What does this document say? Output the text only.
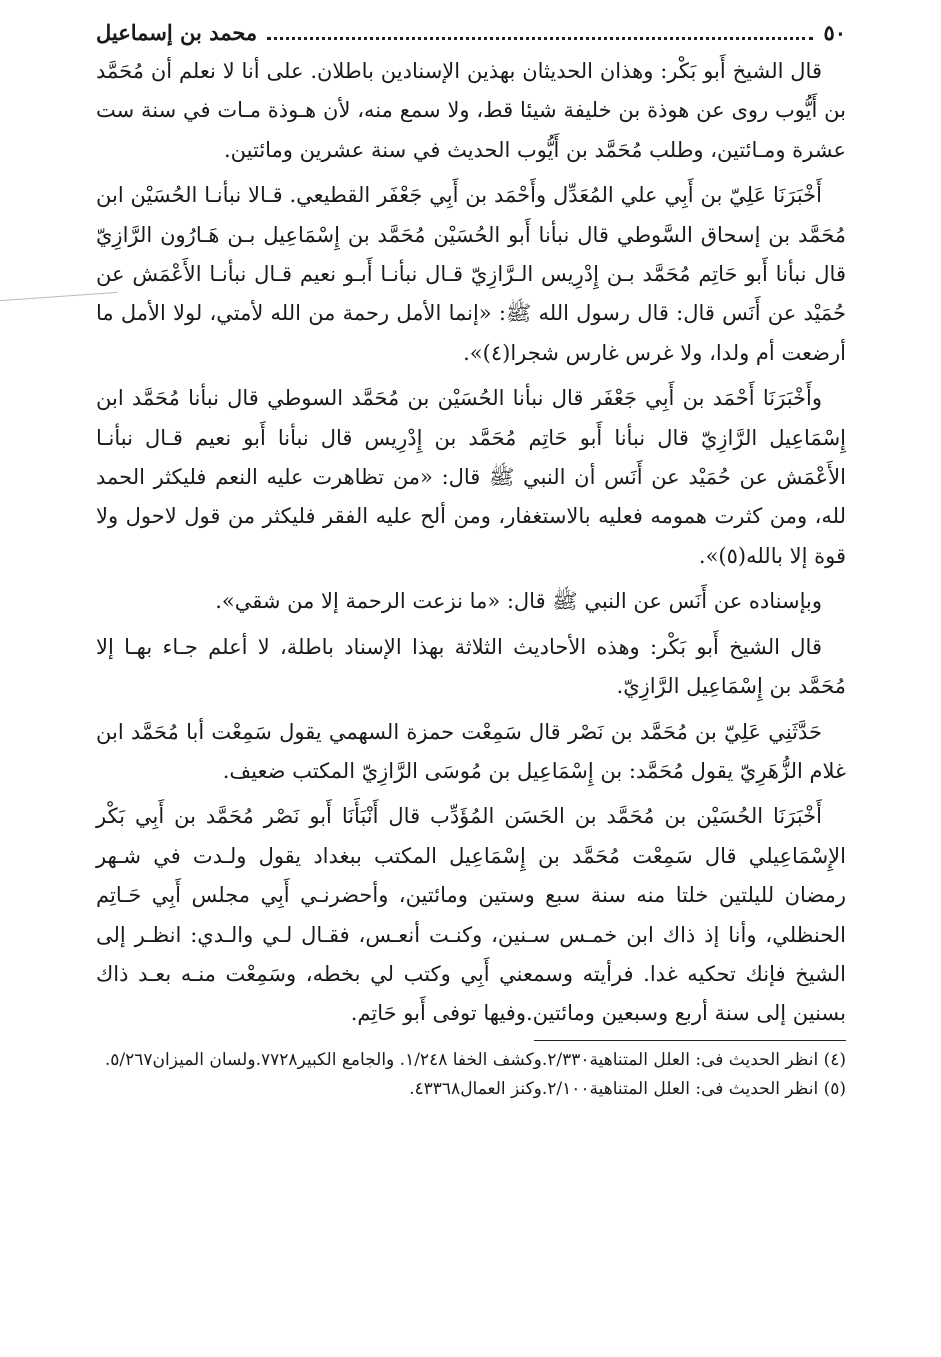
٥٠
محمد بن إسماعيل

قال الشيخ أَبو بَكْر: وهذان الحديثان بهذين الإسنادين باطلان. على أنا لا نعلم أن مُحَمَّد بن أَيُّوب روى عن هوذة بن خليفة شيئا قط، ولا سمع منه، لأن هـوذة مـات في سنة ست عشرة ومـائتين، وطلب مُحَمَّد بن أَيُّوب الحديث في سنة عشرين ومائتين.

أَخْبَرَنَا عَلِيّ بن أَبِي علي المُعَدِّل وأَحْمَد بن أَبِي جَعْفَر القطيعي. قـالا نبأنـا الحُسَيْن ابن مُحَمَّد بن إسحاق السَّوطي قال نبأنا أَبو الحُسَيْن مُحَمَّد بن إِسْمَاعِيل بـن هَـارُون الرَّازِيّ قال نبأنا أَبو حَاتِم مُحَمَّد بـن إِدْرِيس الـرَّازِيّ قـال نبأنـا أَبـو نعيم قـال نبأنـا الأَعْمَش عن حُمَيْد عن أَنَس قال: قال رسول الله ﷺ: «إنما الأمل رحمة من الله لأمتي، لولا الأمل ما أرضعت أم ولدا، ولا غرس غارس شجرا(٤)».

وأَخْبَرَنَا أَحْمَد بن أَبِي جَعْفَر قال نبأنا الحُسَيْن بن مُحَمَّد السوطي قال نبأنا مُحَمَّد ابن إِسْمَاعِيل الرَّازِيّ قال نبأنا أَبو حَاتِم مُحَمَّد بن إِدْرِيس قال نبأنا أَبو نعيم قـال نبأنـا الأَعْمَش عن حُمَيْد عن أَنَس أن النبي ﷺ قال: «من تظاهرت عليه النعم فليكثر الحمد لله، ومن كثرت همومه فعليه بالاستغفار، ومن ألح عليه الفقر فليكثر من قول لاحول ولا قوة إلا بالله(٥)».

وبإسناده عن أَنَس عن النبي ﷺ قال: «ما نزعت الرحمة إلا من شقي».

قال الشيخ أَبو بَكْر: وهذه الأحاديث الثلاثة بهذا الإسناد باطلة، لا أعلم جـاء بهـا إلا مُحَمَّد بن إِسْمَاعِيل الرَّازِيّ.

حَدَّثَنِي عَلِيّ بن مُحَمَّد بن نَصْر قال سَمِعْت حمزة السهمي يقول سَمِعْت أبا مُحَمَّد ابن غلام الزُّهَرِيّ يقول مُحَمَّد: بن إِسْمَاعِيل بن مُوسَى الرَّازِيّ المكتب ضعيف.

أَخْبَرَنَا الحُسَيْن بن مُحَمَّد بن الحَسَن المُؤَدِّب قال أَنْبَأَنَا أَبو نَصْر مُحَمَّد بن أَبِي بَكْر الإِسْمَاعِيلي قال سَمِعْت مُحَمَّد بن إِسْمَاعِيل المكتب ببغداد يقول ولـدت في شـهر رمضان لليلتين خلتا منه سنة سبع وستين ومائتين، وأحضرنـي أَبِي مجلس أَبِي حَـاتِم الحنظلي، وأنا إذ ذاك ابن خمـس سـنين، وكنـت أنعـس، فقـال لـي والـدي: انظـر إلى الشيخ فإنك تحكيه غدا. فرأيته وسمعني أَبِي وكتب لي بخطه، وسَمِعْت منـه بعـد ذاك بسنين إلى سنة أربع وسبعين ومائتين.وفيها توفى أَبو حَاتِم.

(٤) انظر الحديث فى: العلل المتناهية٢/٣٣٠.وكشف الخفا ١/٢٤٨. والجامع الكبير٧٧٢٨.ولسان الميزان٥/٢٦٧.

(٥) انظر الحديث فى: العلل المتناهية٢/١٠٠.وكنز العمال٤٣٣٦٨.
